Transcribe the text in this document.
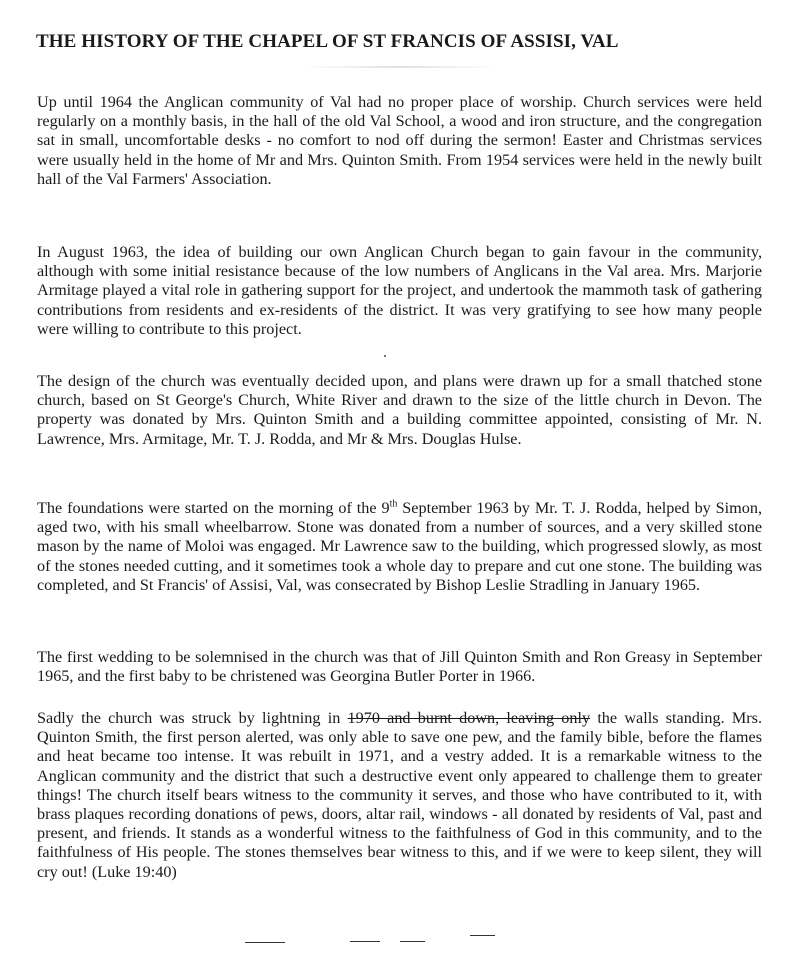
THE HISTORY OF THE CHAPEL OF ST FRANCIS OF ASSISI, VAL

Up until 1964 the Anglican community of Val had no proper place of worship. Church services were held regularly on a monthly basis, in the hall of the old Val School, a wood and iron structure, and the congregation sat in small, uncomfortable desks - no comfort to nod off during the sermon! Easter and Christmas services were usually held in the home of Mr and Mrs. Quinton Smith. From 1954 services were held in the newly built hall of the Val Farmers' Association.

In August 1963, the idea of building our own Anglican Church began to gain favour in the community, although with some initial resistance because of the low numbers of Anglicans in the Val area. Mrs. Marjorie Armitage played a vital role in gathering support for the project, and undertook the mammoth task of gathering contributions from residents and ex-residents of the district. It was very gratifying to see how many people were willing to contribute to this project.

The design of the church was eventually decided upon, and plans were drawn up for a small thatched stone church, based on St George's Church, White River and drawn to the size of the little church in Devon. The property was donated by Mrs. Quinton Smith and a building committee appointed, consisting of Mr. N. Lawrence, Mrs. Armitage, Mr. T. J. Rodda, and Mr & Mrs. Douglas Hulse.

The foundations were started on the morning of the 9th September 1963 by Mr. T. J. Rodda, helped by Simon, aged two, with his small wheelbarrow. Stone was donated from a number of sources, and a very skilled stone mason by the name of Moloi was engaged. Mr Lawrence saw to the building, which progressed slowly, as most of the stones needed cutting, and it sometimes took a whole day to prepare and cut one stone. The building was completed, and St Francis' of Assisi, Val, was consecrated by Bishop Leslie Stradling in January 1965.

The first wedding to be solemnised in the church was that of Jill Quinton Smith and Ron Greasy in September 1965, and the first baby to be christened was Georgina Butler Porter in 1966.

Sadly the church was struck by lightning in 1970 and burnt down, leaving only the walls standing. Mrs. Quinton Smith, the first person alerted, was only able to save one pew, and the family bible, before the flames and heat became too intense. It was rebuilt in 1971, and a vestry added. It is a remarkable witness to the Anglican community and the district that such a destructive event only appeared to challenge them to greater things! The church itself bears witness to the community it serves, and those who have contributed to it, with brass plaques recording donations of pews, doors, altar rail, windows - all donated by residents of Val, past and present, and friends. It stands as a wonderful witness to the faithfulness of God in this community, and to the faithfulness of His people. The stones themselves bear witness to this, and if we were to keep silent, they will cry out! (Luke 19:40)
